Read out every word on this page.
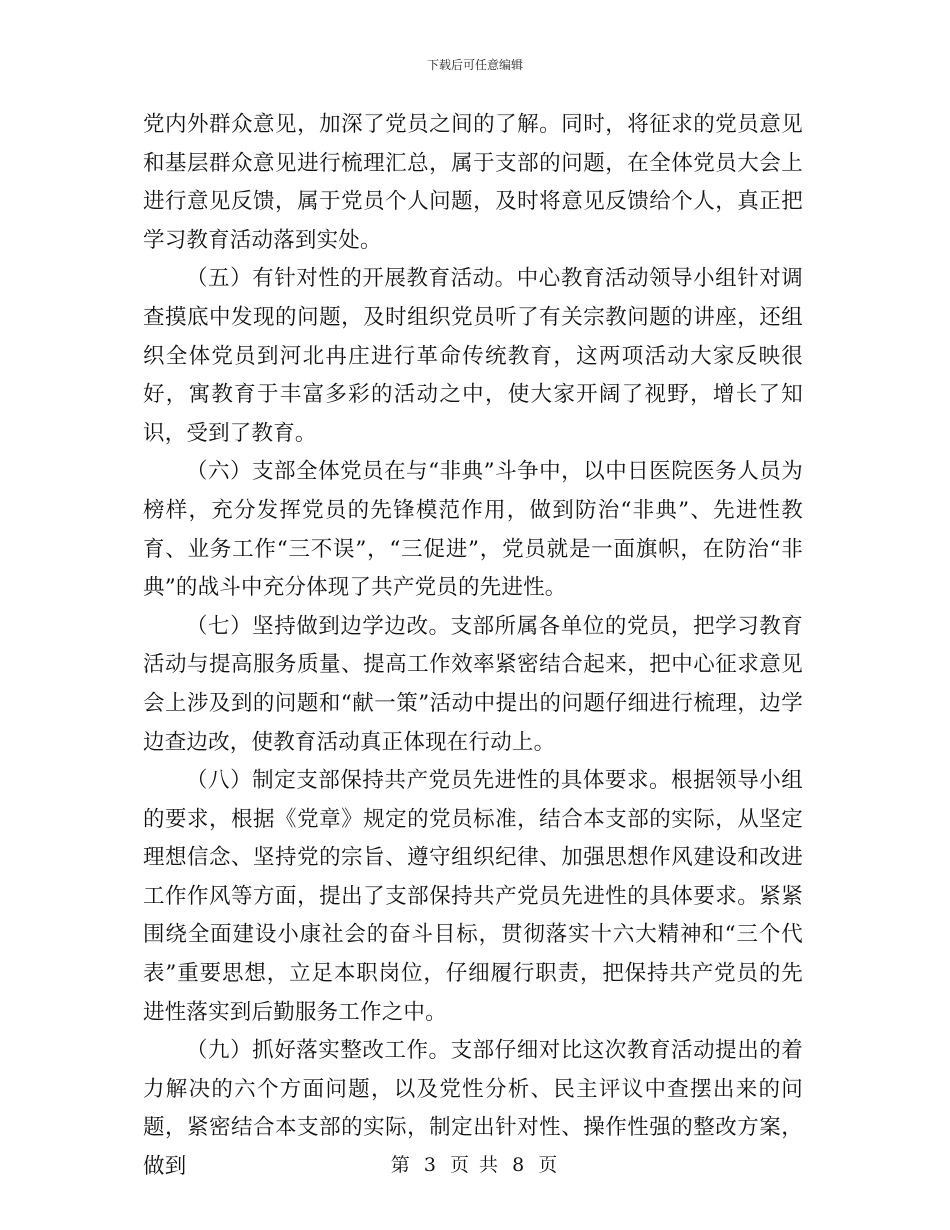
下载后可任意编辑

党内外群众意见，加深了党员之间的了解。同时，将征求的党员意见和基层群众意见进行梳理汇总，属于支部的问题，在全体党员大会上进行意见反馈，属于党员个人问题，及时将意见反馈给个人，真正把学习教育活动落到实处。

（五）有针对性的开展教育活动。中心教育活动领导小组针对调查摸底中发现的问题，及时组织党员听了有关宗教问题的讲座，还组织全体党员到河北冉庄进行革命传统教育，这两项活动大家反映很好，寓教育于丰富多彩的活动之中，使大家开阔了视野，增长了知识，受到了教育。

（六）支部全体党员在与“非典”斗争中，以中日医院医务人员为榜样，充分发挥党员的先锋模范作用，做到防治“非典”、先进性教育、业务工作“三不误”，“三促进”，党员就是一面旗帜，在防治“非典”的战斗中充分体现了共产党员的先进性。

（七）坚持做到边学边改。支部所属各单位的党员，把学习教育活动与提高服务质量、提高工作效率紧密结合起来，把中心征求意见会上涉及到的问题和“献一策”活动中提出的问题仔细进行梳理，边学边查边改，使教育活动真正体现在行动上。

（八）制定支部保持共产党员先进性的具体要求。根据领导小组的要求，根据《党章》规定的党员标准，结合本支部的实际，从坚定理想信念、坚持党的宗旨、遵守组织纪律、加强思想作风建设和改进工作作风等方面，提出了支部保持共产党员先进性的具体要求。紧紧围绕全面建设小康社会的奋斗目标，贯彻落实十六大精神和“三个代表”重要思想，立足本职岗位，仔细履行职责，把保持共产党员的先进性落实到后勤服务工作之中。

（九）抓好落实整改工作。支部仔细对比这次教育活动提出的着力解决的六个方面问题，以及党性分析、民主评议中查摆出来的问题，紧密结合本支部的实际，制定出针对性、操作性强的整改方案，做到	第 3 页 共 8 页
